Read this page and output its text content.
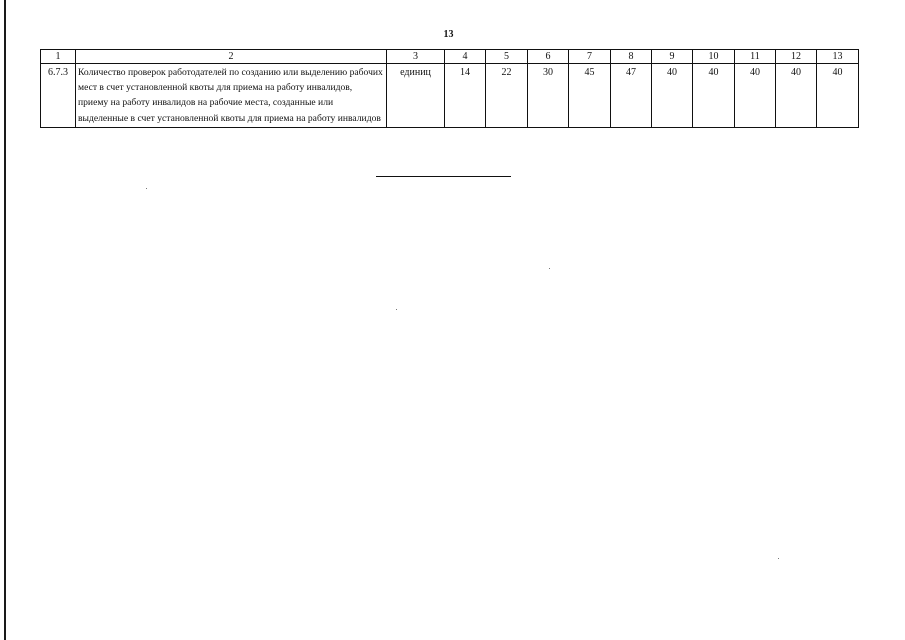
13
1	2	3	4	5	6	7	8	9	10	11	12	13
6.7.3	Количество проверок работодателей по созданию или выделению рабочих мест в счет установленной квоты для приема на работу инвалидов, приему на работу инвалидов на рабочие места, созданные или выделенные в счет установленной квоты для приема на работу инвалидов	единиц	14	22	30	45	47	40	40	40	40	40
